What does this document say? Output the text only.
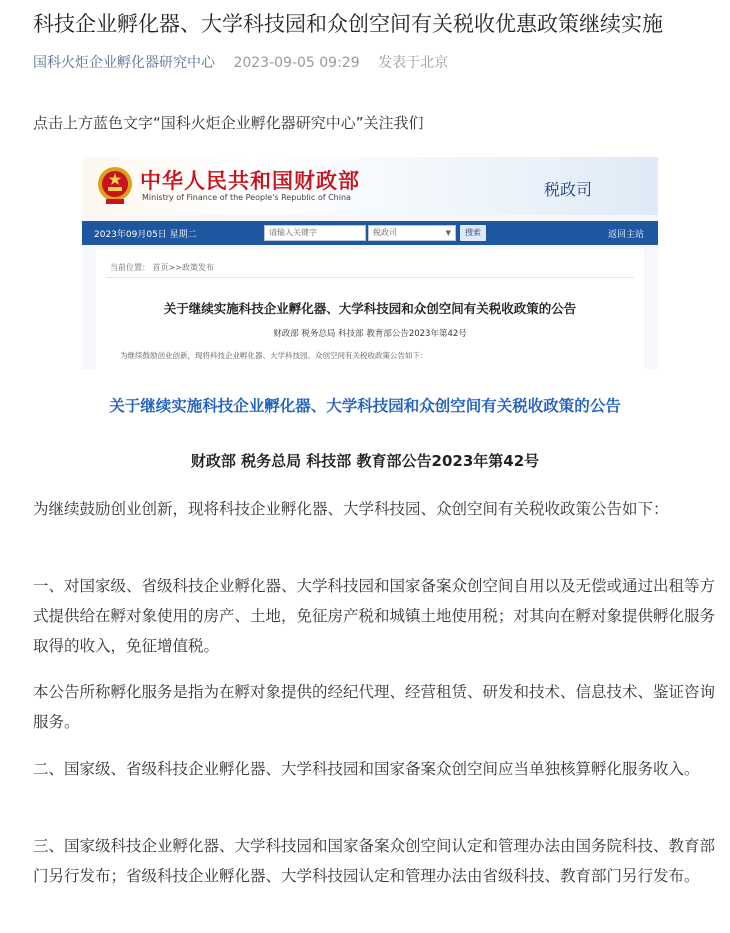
科技企业孵化器、大学科技园和众创空间有关税收优惠政策继续实施
国科火炬企业孵化器研究中心 2023-09-05 09:29 发表于北京
点击上方蓝色文字“国科火炬企业孵化器研究中心”关注我们
中华人民共和国财政部
Ministry of Finance of the People's Republic of China	税政司
2023年09月05日 星期二	请输入关键字	税政司	▼	搜索	返回主站
当前位置： 首页>>政策发布
关于继续实施科技企业孵化器、大学科技园和众创空间有关税收政策的公告
财政部 税务总局 科技部 教育部公告2023年第42号
为继续鼓励创业创新，现将科技企业孵化器、大学科技园、众创空间有关税收政策公告如下：
关于继续实施科技企业孵化器、大学科技园和众创空间有关税收政策的公告
财政部 税务总局 科技部 教育部公告2023年第42号

为继续鼓励创业创新，现将科技企业孵化器、大学科技园、众创空间有关税收政策公告如下：

一、对国家级、省级科技企业孵化器、大学科技园和国家备案众创空间自用以及无偿或通过出租等方式提供给在孵对象使用的房产、土地，免征房产税和城镇土地使用税；对其向在孵对象提供孵化服务取得的收入，免征增值税。

本公告所称孵化服务是指为在孵对象提供的经纪代理、经营租赁、研发和技术、信息技术、鉴证咨询服务。

二、国家级、省级科技企业孵化器、大学科技园和国家备案众创空间应当单独核算孵化服务收入。

三、国家级科技企业孵化器、大学科技园和国家备案众创空间认定和管理办法由国务院科技、教育部门另行发布；省级科技企业孵化器、大学科技园认定和管理办法由省级科技、教育部门另行发布。
